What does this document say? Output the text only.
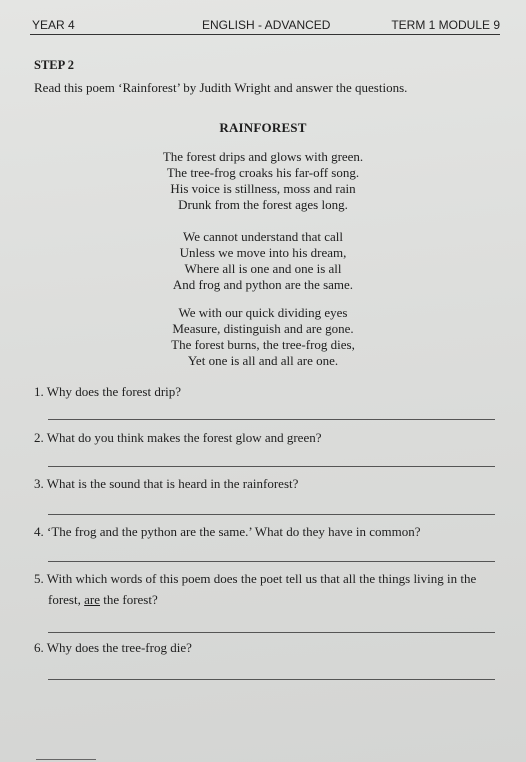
YEAR 4	ENGLISH - ADVANCED	TERM 1 MODULE 9
STEP 2
Read this poem ‘Rainforest’ by Judith Wright and answer the questions.
RAINFOREST
The forest drips and glows with green.
The tree-frog croaks his far-off song.
His voice is stillness, moss and rain
Drunk from the forest ages long.
We cannot understand that call
Unless we move into his dream,
Where all is one and one is all
And frog and python are the same.
We with our quick dividing eyes
Measure, distinguish and are gone.
The forest burns, the tree-frog dies,
Yet one is all and all are one.
1. Why does the forest drip?
2. What do you think makes the forest glow and green?
3. What is the sound that is heard in the rainforest?
4. ‘The frog and the python are the same.’ What do they have in common?
5. With which words of this poem does the poet tell us that all the things living in the
forest, are the forest?
6. Why does the tree-frog die?
